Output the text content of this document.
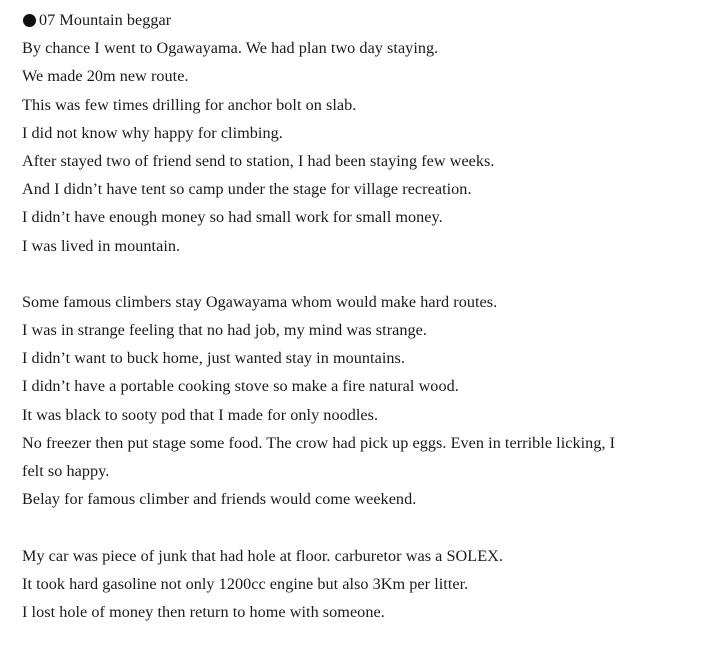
07 Mountain beggar
By chance I went to Ogawayama. We had plan two day staying.
We made 20m new route.
This was few times drilling for anchor bolt on slab.
I did not know why happy for climbing.
After stayed two of friend send to station, I had been staying few weeks.
And I didn’t have tent so camp under the stage for village recreation.
I didn’t have enough money so had small work for small money.
I was lived in mountain.
Some famous climbers stay Ogawayama whom would make hard routes.
I was in strange feeling that no had job, my mind was strange.
I didn’t want to buck home, just wanted stay in mountains.
I didn’t have a portable cooking stove so make a fire natural wood.
It was black to sooty pod that I made for only noodles.
No freezer then put stage some food. The crow had pick up eggs. Even in terrible licking, I
felt so happy.
Belay for famous climber and friends would come weekend.
My car was piece of junk that had hole at floor. carburetor was a SOLEX.
It took hard gasoline not only 1200cc engine but also 3Km per litter.
I lost hole of money then return to home with someone.
